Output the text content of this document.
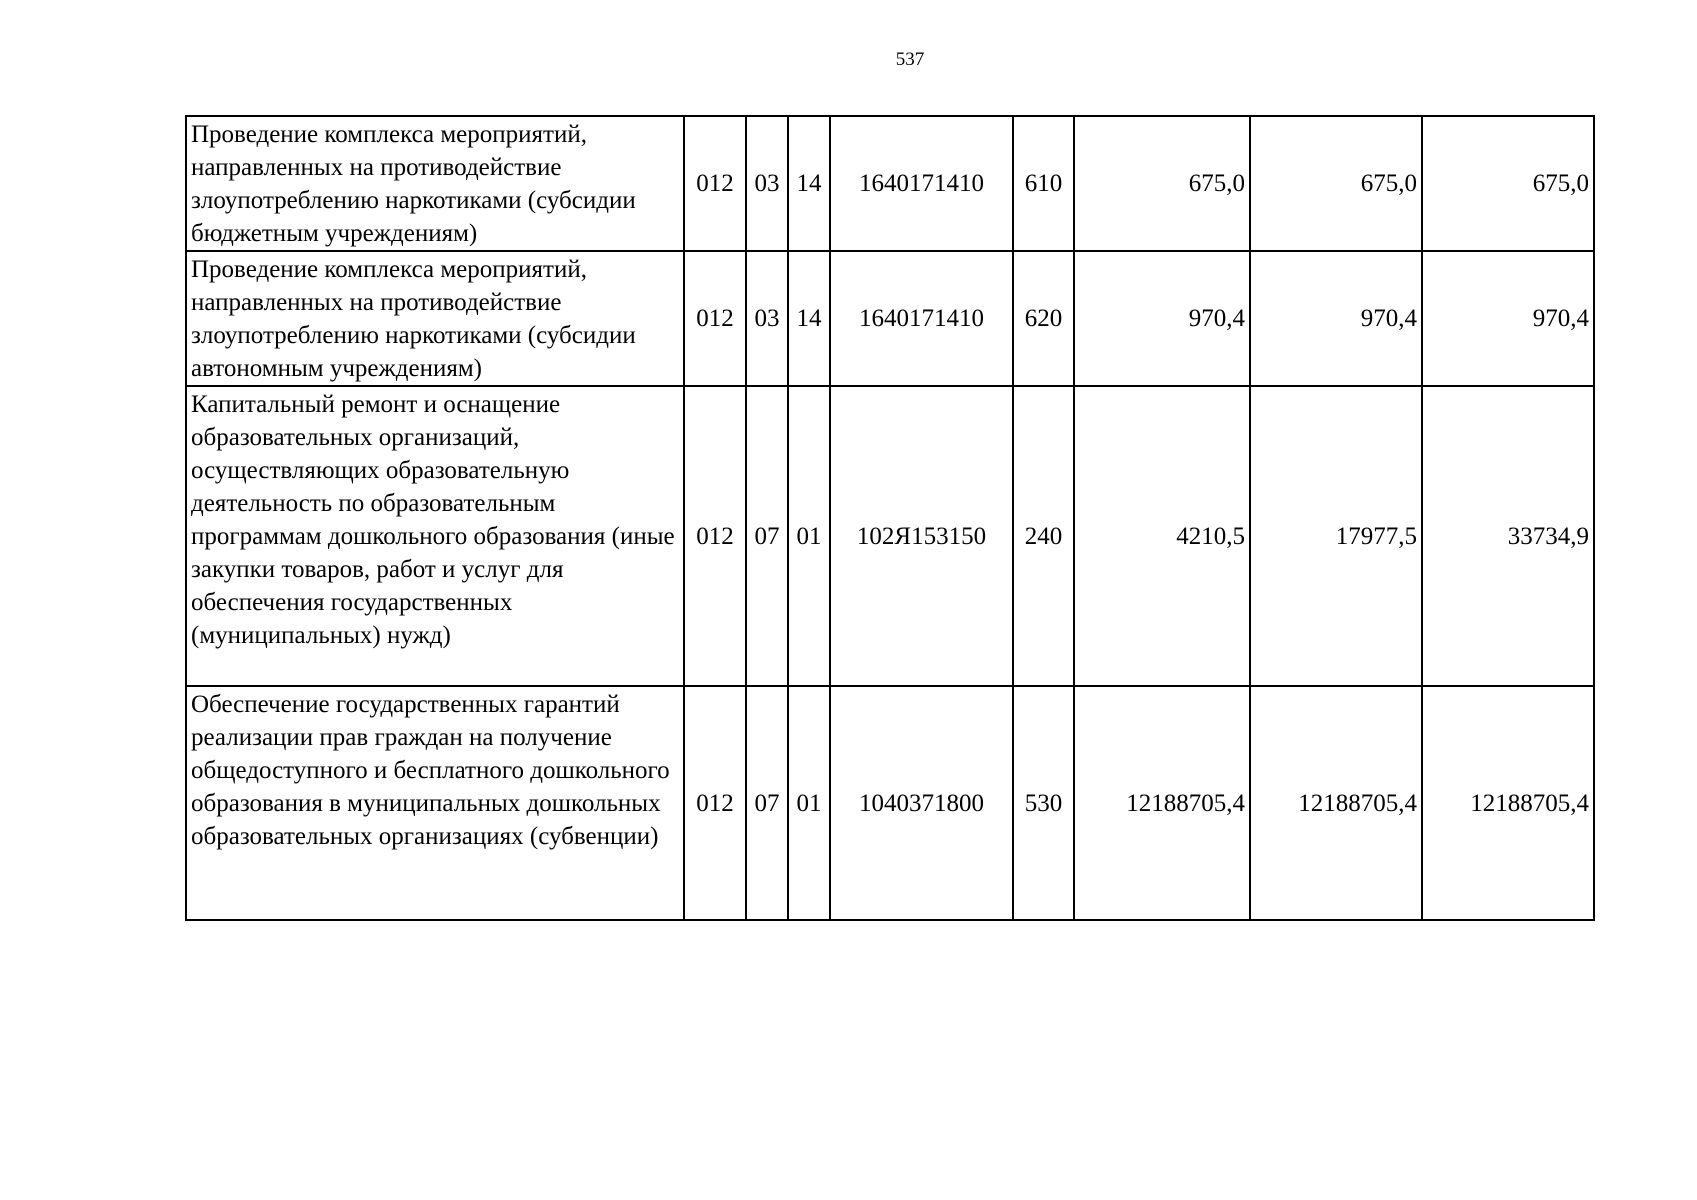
537
Проведение комплекса мероприятий, направленных на противодействие злоупотреблению наркотиками (субсидии бюджетным учреждениям)	012	03	14	1640171410	610	675,0	675,0	675,0
Проведение комплекса мероприятий, направленных на противодействие злоупотреблению наркотиками (субсидии автономным учреждениям)	012	03	14	1640171410	620	970,4	970,4	970,4
Капитальный ремонт и оснащение образовательных организаций, осуществляющих образовательную деятельность по образовательным программам дошкольного образования (иные закупки товаров, работ и услуг для обеспечения государственных (муниципальных) нужд)	012	07	01	102Я153150	240	4210,5	17977,5	33734,9
Обеспечение государственных гарантий реализации прав граждан на получение общедоступного и бесплатного дошкольного образования в муниципальных дошкольных образовательных организациях (субвенции)	012	07	01	1040371800	530	12188705,4	12188705,4	12188705,4
